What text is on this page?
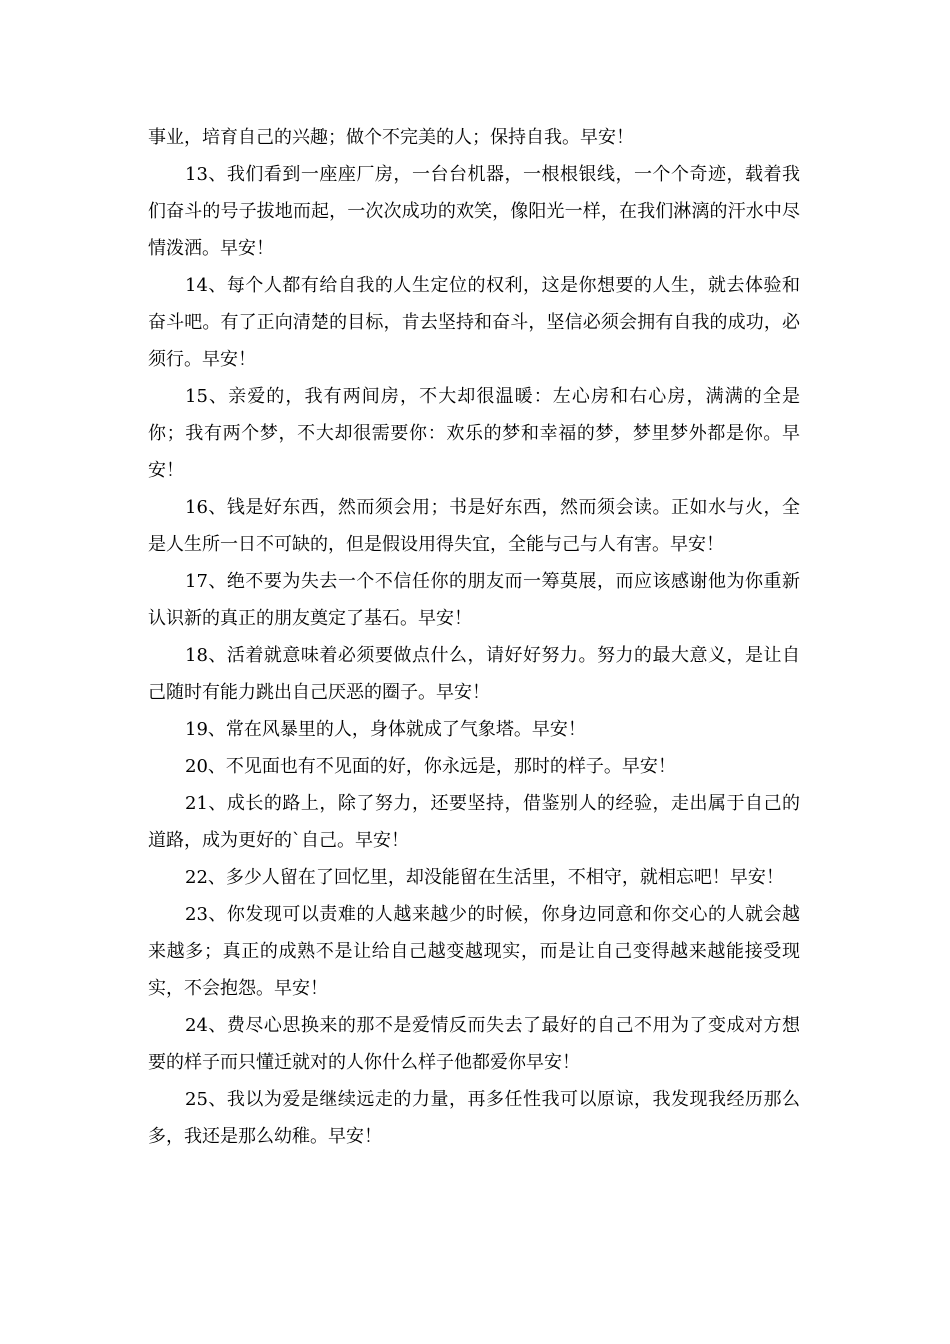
事业，培育自己的兴趣；做个不完美的人；保持自我。早安！

13、我们看到一座座厂房，一台台机器，一根根银线，一个个奇迹，载着我们奋斗的号子拔地而起，一次次成功的欢笑，像阳光一样，在我们淋漓的汗水中尽情泼洒。早安！

14、每个人都有给自我的人生定位的权利，这是你想要的人生，就去体验和奋斗吧。有了正向清楚的目标，肯去坚持和奋斗，坚信必须会拥有自我的成功，必须行。早安！

15、亲爱的，我有两间房，不大却很温暖：左心房和右心房，满满的全是你；我有两个梦，不大却很需要你：欢乐的梦和幸福的梦，梦里梦外都是你。早安！

16、钱是好东西，然而须会用；书是好东西，然而须会读。正如水与火，全是人生所一日不可缺的，但是假设用得失宜，全能与己与人有害。早安！

17、绝不要为失去一个不信任你的朋友而一筹莫展，而应该感谢他为你重新认识新的真正的朋友奠定了基石。早安！

18、活着就意味着必须要做点什么，请好好努力。努力的最大意义，是让自己随时有能力跳出自己厌恶的圈子。早安！

19、常在风暴里的人，身体就成了气象塔。早安！

20、不见面也有不见面的好，你永远是，那时的样子。早安！

21、成长的路上，除了努力，还要坚持，借鉴别人的经验，走出属于自己的道路，成为更好的`自己。早安！

22、多少人留在了回忆里，却没能留在生活里，不相守，就相忘吧！早安！

23、你发现可以责难的人越来越少的时候，你身边同意和你交心的人就会越来越多；真正的成熟不是让给自己越变越现实，而是让自己变得越来越能接受现实，不会抱怨。早安！

24、费尽心思换来的那不是爱情反而失去了最好的自己不用为了变成对方想要的样子而只懂迁就对的人你什么样子他都爱你早安！

25、我以为爱是继续远走的力量，再多任性我可以原谅，我发现我经历那么多，我还是那么幼稚。早安！
